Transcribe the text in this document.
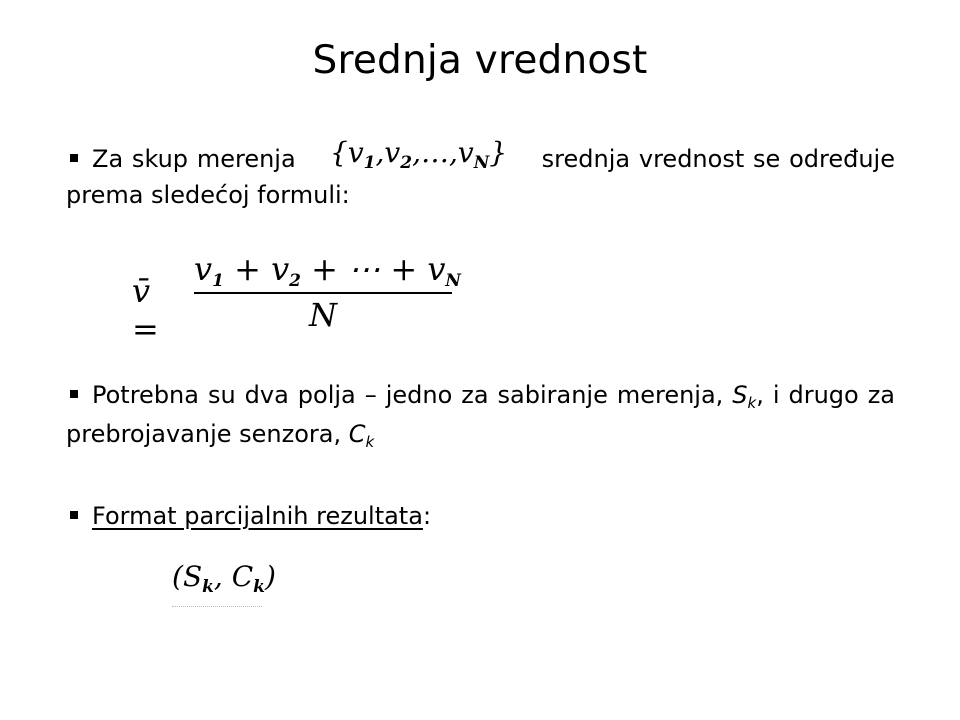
Srednja vrednost
Za skup merenja	srednja vrednost se određuje prema sledećoj formuli:
$\{v_1,v_2,\dots,v_N\}$
v̄ =
v1 + v2 + ⋯ + vN
N
Potrebna su dva polja – jedno za sabiranje merenja, $S_k$, i drugo za prebrojavanje senzora, $C_k$
Format parcijalnih rezultata:
($S_k$, $C_k$)
